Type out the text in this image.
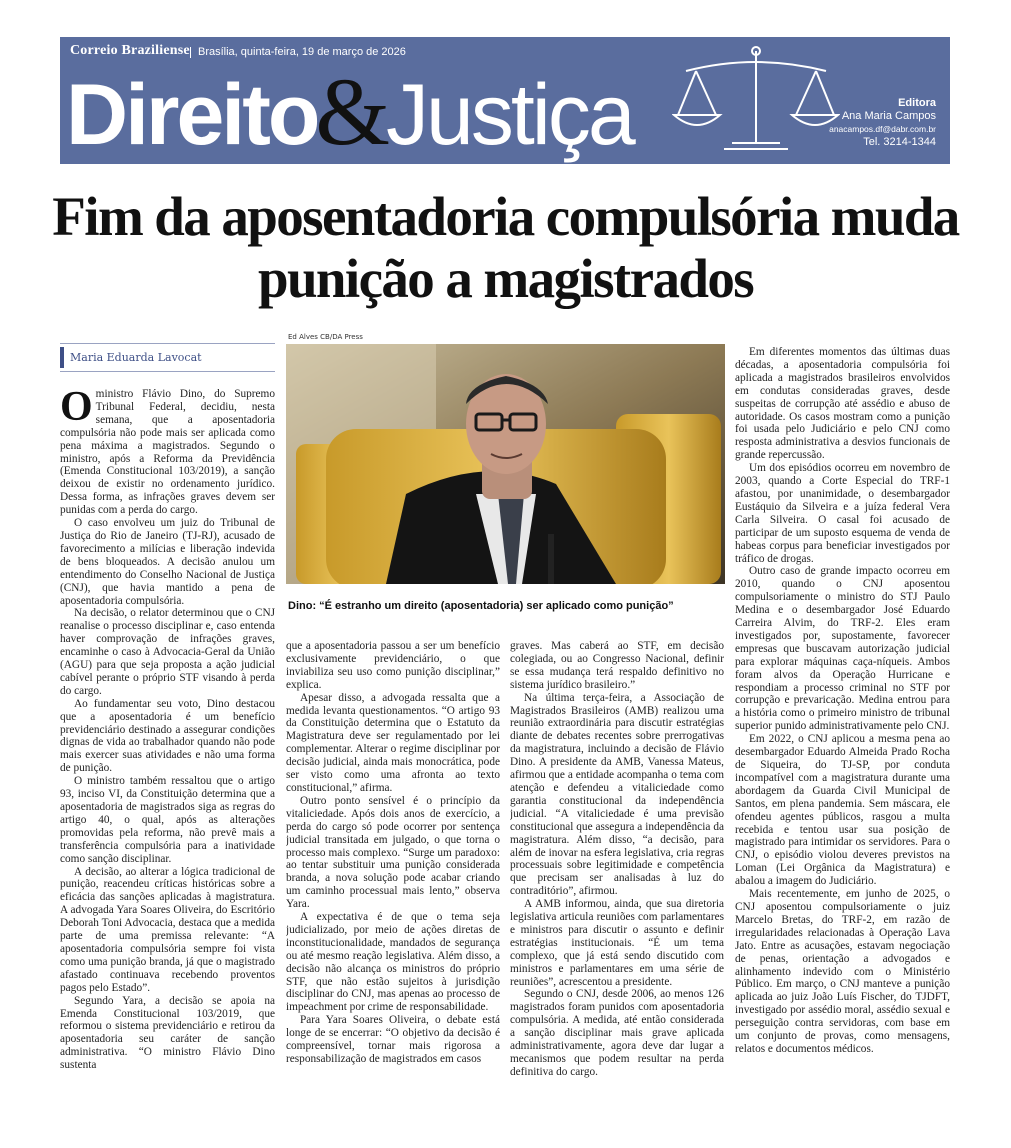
Correio Braziliense Brasília, quinta-feira, 19 de março de 2026
Direito&Justiça	Editora
Ana Maria Campos
anacampos.df@dabr.com.br
Tel. 3214-1344
Fim da aposentadoria compulsória muda punição a magistrados
Maria Eduarda Lavocat

Oministro Flávio Dino, do Supremo Tribunal Federal, decidiu, nesta semana, que a aposentadoria compulsória não pode mais ser aplicada como pena máxima a magistrados. Segundo o ministro, após a Reforma da Previdência (Emenda Constitucional 103/2019), a sanção deixou de existir no ordenamento jurídico. Dessa forma, as infrações graves devem ser punidas com a perda do cargo.

O caso envolveu um juiz do Tribunal de Justiça do Rio de Janeiro (TJ-RJ), acusado de favorecimento a milícias e liberação indevida de bens bloqueados. A decisão anulou um entendimento do Conselho Nacional de Justiça (CNJ), que havia mantido a pena de aposentadoria compulsória.

Na decisão, o relator determinou que o CNJ reanalise o processo disciplinar e, caso entenda haver comprovação de infrações graves, encaminhe o caso à Advocacia-Geral da União (AGU) para que seja proposta a ação judicial cabível perante o próprio STF visando à perda do cargo.

Ao fundamentar seu voto, Dino destacou que a aposentadoria é um benefício previdenciário destinado a assegurar condições dignas de vida ao trabalhador quando não pode mais exercer suas atividades e não uma forma de punição.

O ministro também ressaltou que o artigo 93, inciso VI, da Constituição determina que a aposentadoria de magistrados siga as regras do artigo 40, o qual, após as alterações promovidas pela reforma, não prevê mais a transferência compulsória para a inatividade como sanção disciplinar.

A decisão, ao alterar a lógica tradicional de punição, reacendeu críticas históricas sobre a eficácia das sanções aplicadas à magistratura. A advogada Yara Soares Oliveira, do Escritório Deborah Toni Advocacia, destaca que a medida parte de uma premissa relevante: “A aposentadoria compulsória sempre foi vista como uma punição branda, já que o magistrado afastado continuava recebendo proventos pagos pelo Estado”.

Segundo Yara, a decisão se apoia na Emenda Constitucional 103/2019, que reformou o sistema previdenciário e retirou da aposentadoria seu caráter de sanção administrativa. “O ministro Flávio Dino sustenta

Ed Alves CB/DA Press
Dino: “É estranho um direito (aposentadoria) ser aplicado como punição”

que a aposentadoria passou a ser um benefício exclusivamente previdenciário, o que inviabiliza seu uso como punição disciplinar,” explica.

Apesar disso, a advogada ressalta que a medida levanta questionamentos. “O artigo 93 da Constituição determina que o Estatuto da Magistratura deve ser regulamentado por lei complementar. Alterar o regime disciplinar por decisão judicial, ainda mais monocrática, pode ser visto como uma afronta ao texto constitucional,” afirma.

Outro ponto sensível é o princípio da vitaliciedade. Após dois anos de exercício, a perda do cargo só pode ocorrer por sentença judicial transitada em julgado, o que torna o processo mais complexo. “Surge um paradoxo: ao tentar substituir uma punição considerada branda, a nova solução pode acabar criando um caminho processual mais lento,” observa Yara.

A expectativa é de que o tema seja judicializado, por meio de ações diretas de inconstitucionalidade, mandados de segurança ou até mesmo reação legislativa. Além disso, a decisão não alcança os ministros do próprio STF, que não estão sujeitos à jurisdição disciplinar do CNJ, mas apenas ao processo de impeachment por crime de responsabilidade.

Para Yara Soares Oliveira, o debate está longe de se encerrar: “O objetivo da decisão é compreensível, tornar mais rigorosa a responsabilização de magistrados em casos

graves. Mas caberá ao STF, em decisão colegiada, ou ao Congresso Nacional, definir se essa mudança terá respaldo definitivo no sistema jurídico brasileiro.”

Na última terça-feira, a Associação de Magistrados Brasileiros (AMB) realizou uma reunião extraordinária para discutir estratégias diante de debates recentes sobre prerrogativas da magistratura, incluindo a decisão de Flávio Dino. A presidente da AMB, Vanessa Mateus, afirmou que a entidade acompanha o tema com atenção e defendeu a vitaliciedade como garantia constitucional da independência judicial. “A vitaliciedade é uma previsão constitucional que assegura a independência da magistratura. Além disso, “a decisão, para além de inovar na esfera legislativa, cria regras processuais sobre legitimidade e competência que precisam ser analisadas à luz do contraditório”, afirmou.

A AMB informou, ainda, que sua diretoria legislativa articula reuniões com parlamentares e ministros para discutir o assunto e definir estratégias institucionais. “É um tema complexo, que já está sendo discutido com ministros e parlamentares em uma série de reuniões”, acrescentou a presidente.

Segundo o CNJ, desde 2006, ao menos 126 magistrados foram punidos com aposentadoria compulsória. A medida, até então considerada a sanção disciplinar mais grave aplicada administrativamente, agora deve dar lugar a mecanismos que podem resultar na perda definitiva do cargo.

Em diferentes momentos das últimas duas décadas, a aposentadoria compulsória foi aplicada a magistrados brasileiros envolvidos em condutas consideradas graves, desde suspeitas de corrupção até assédio e abuso de autoridade. Os casos mostram como a punição foi usada pelo Judiciário e pelo CNJ como resposta administrativa a desvios funcionais de grande repercussão.

Um dos episódios ocorreu em novembro de 2003, quando a Corte Especial do TRF-1 afastou, por unanimidade, o desembargador Eustáquio da Silveira e a juíza federal Vera Carla Silveira. O casal foi acusado de participar de um suposto esquema de venda de habeas corpus para beneficiar investigados por tráfico de drogas.

Outro caso de grande impacto ocorreu em 2010, quando o CNJ aposentou compulsoriamente o ministro do STJ Paulo Medina e o desembargador José Eduardo Carreira Alvim, do TRF-2. Eles eram investigados por, supostamente, favorecer empresas que buscavam autorização judicial para explorar máquinas caça-níqueis. Ambos foram alvos da Operação Hurricane e respondiam a processo criminal no STF por corrupção e prevaricação. Medina entrou para a história como o primeiro ministro de tribunal superior punido administrativamente pelo CNJ.

Em 2022, o CNJ aplicou a mesma pena ao desembargador Eduardo Almeida Prado Rocha de Siqueira, do TJ-SP, por conduta incompatível com a magistratura durante uma abordagem da Guarda Civil Municipal de Santos, em plena pandemia. Sem máscara, ele ofendeu agentes públicos, rasgou a multa recebida e tentou usar sua posição de magistrado para intimidar os servidores. Para o CNJ, o episódio violou deveres previstos na Loman (Lei Orgânica da Magistratura) e abalou a imagem do Judiciário.

Mais recentemente, em junho de 2025, o CNJ aposentou compulsoriamente o juiz Marcelo Bretas, do TRF-2, em razão de irregularidades relacionadas à Operação Lava Jato. Entre as acusações, estavam negociação de penas, orientação a advogados e alinhamento indevido com o Ministério Público. Em março, o CNJ manteve a punição aplicada ao juiz João Luís Fischer, do TJDFT, investigado por assédio moral, assédio sexual e perseguição contra servidoras, com base em um conjunto de provas, como mensagens, relatos e documentos médicos.
